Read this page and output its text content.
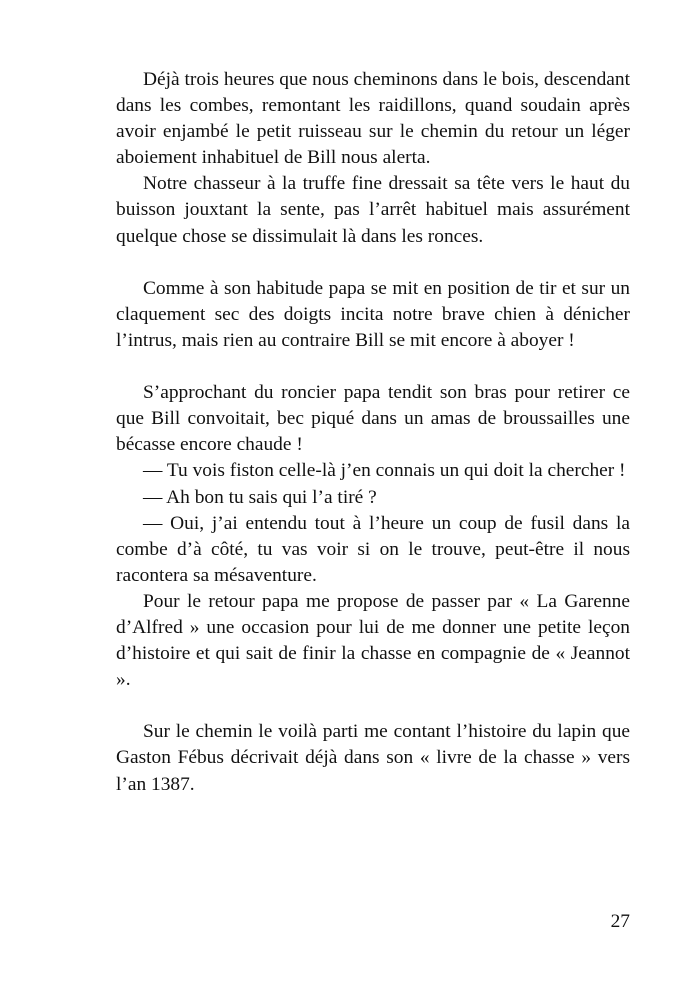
Déjà trois heures que nous cheminons dans le bois, descendant dans les combes, remontant les raidillons, quand soudain après avoir enjambé le petit ruisseau sur le chemin du retour un léger aboiement inhabituel de Bill nous alerta.

Notre chasseur à la truffe fine dressait sa tête vers le haut du buisson jouxtant la sente, pas l’arrêt habituel mais assurément quelque chose se dissimulait là dans les ronces.

Comme à son habitude papa se mit en position de tir et sur un claquement sec des doigts incita notre brave chien à dénicher l’intrus, mais rien au contraire Bill se mit encore à aboyer !

S’approchant du roncier papa tendit son bras pour retirer ce que Bill convoitait, bec piqué dans un amas de broussailles une bécasse encore chaude !

— Tu vois fiston celle-là j’en connais un qui doit la chercher !

— Ah bon tu sais qui l’a tiré ?

— Oui, j’ai entendu tout à l’heure un coup de fusil dans la combe d’à côté, tu vas voir si on le trouve, peut-être il nous racontera sa mésaventure.

Pour le retour papa me propose de passer par « La Garenne d’Alfred » une occasion pour lui de me donner une petite leçon d’histoire et qui sait de finir la chasse en compagnie de « Jeannot ».

Sur le chemin le voilà parti me contant l’histoire du lapin que Gaston Fébus décrivait déjà dans son « livre de la chasse » vers l’an 1387.

27
